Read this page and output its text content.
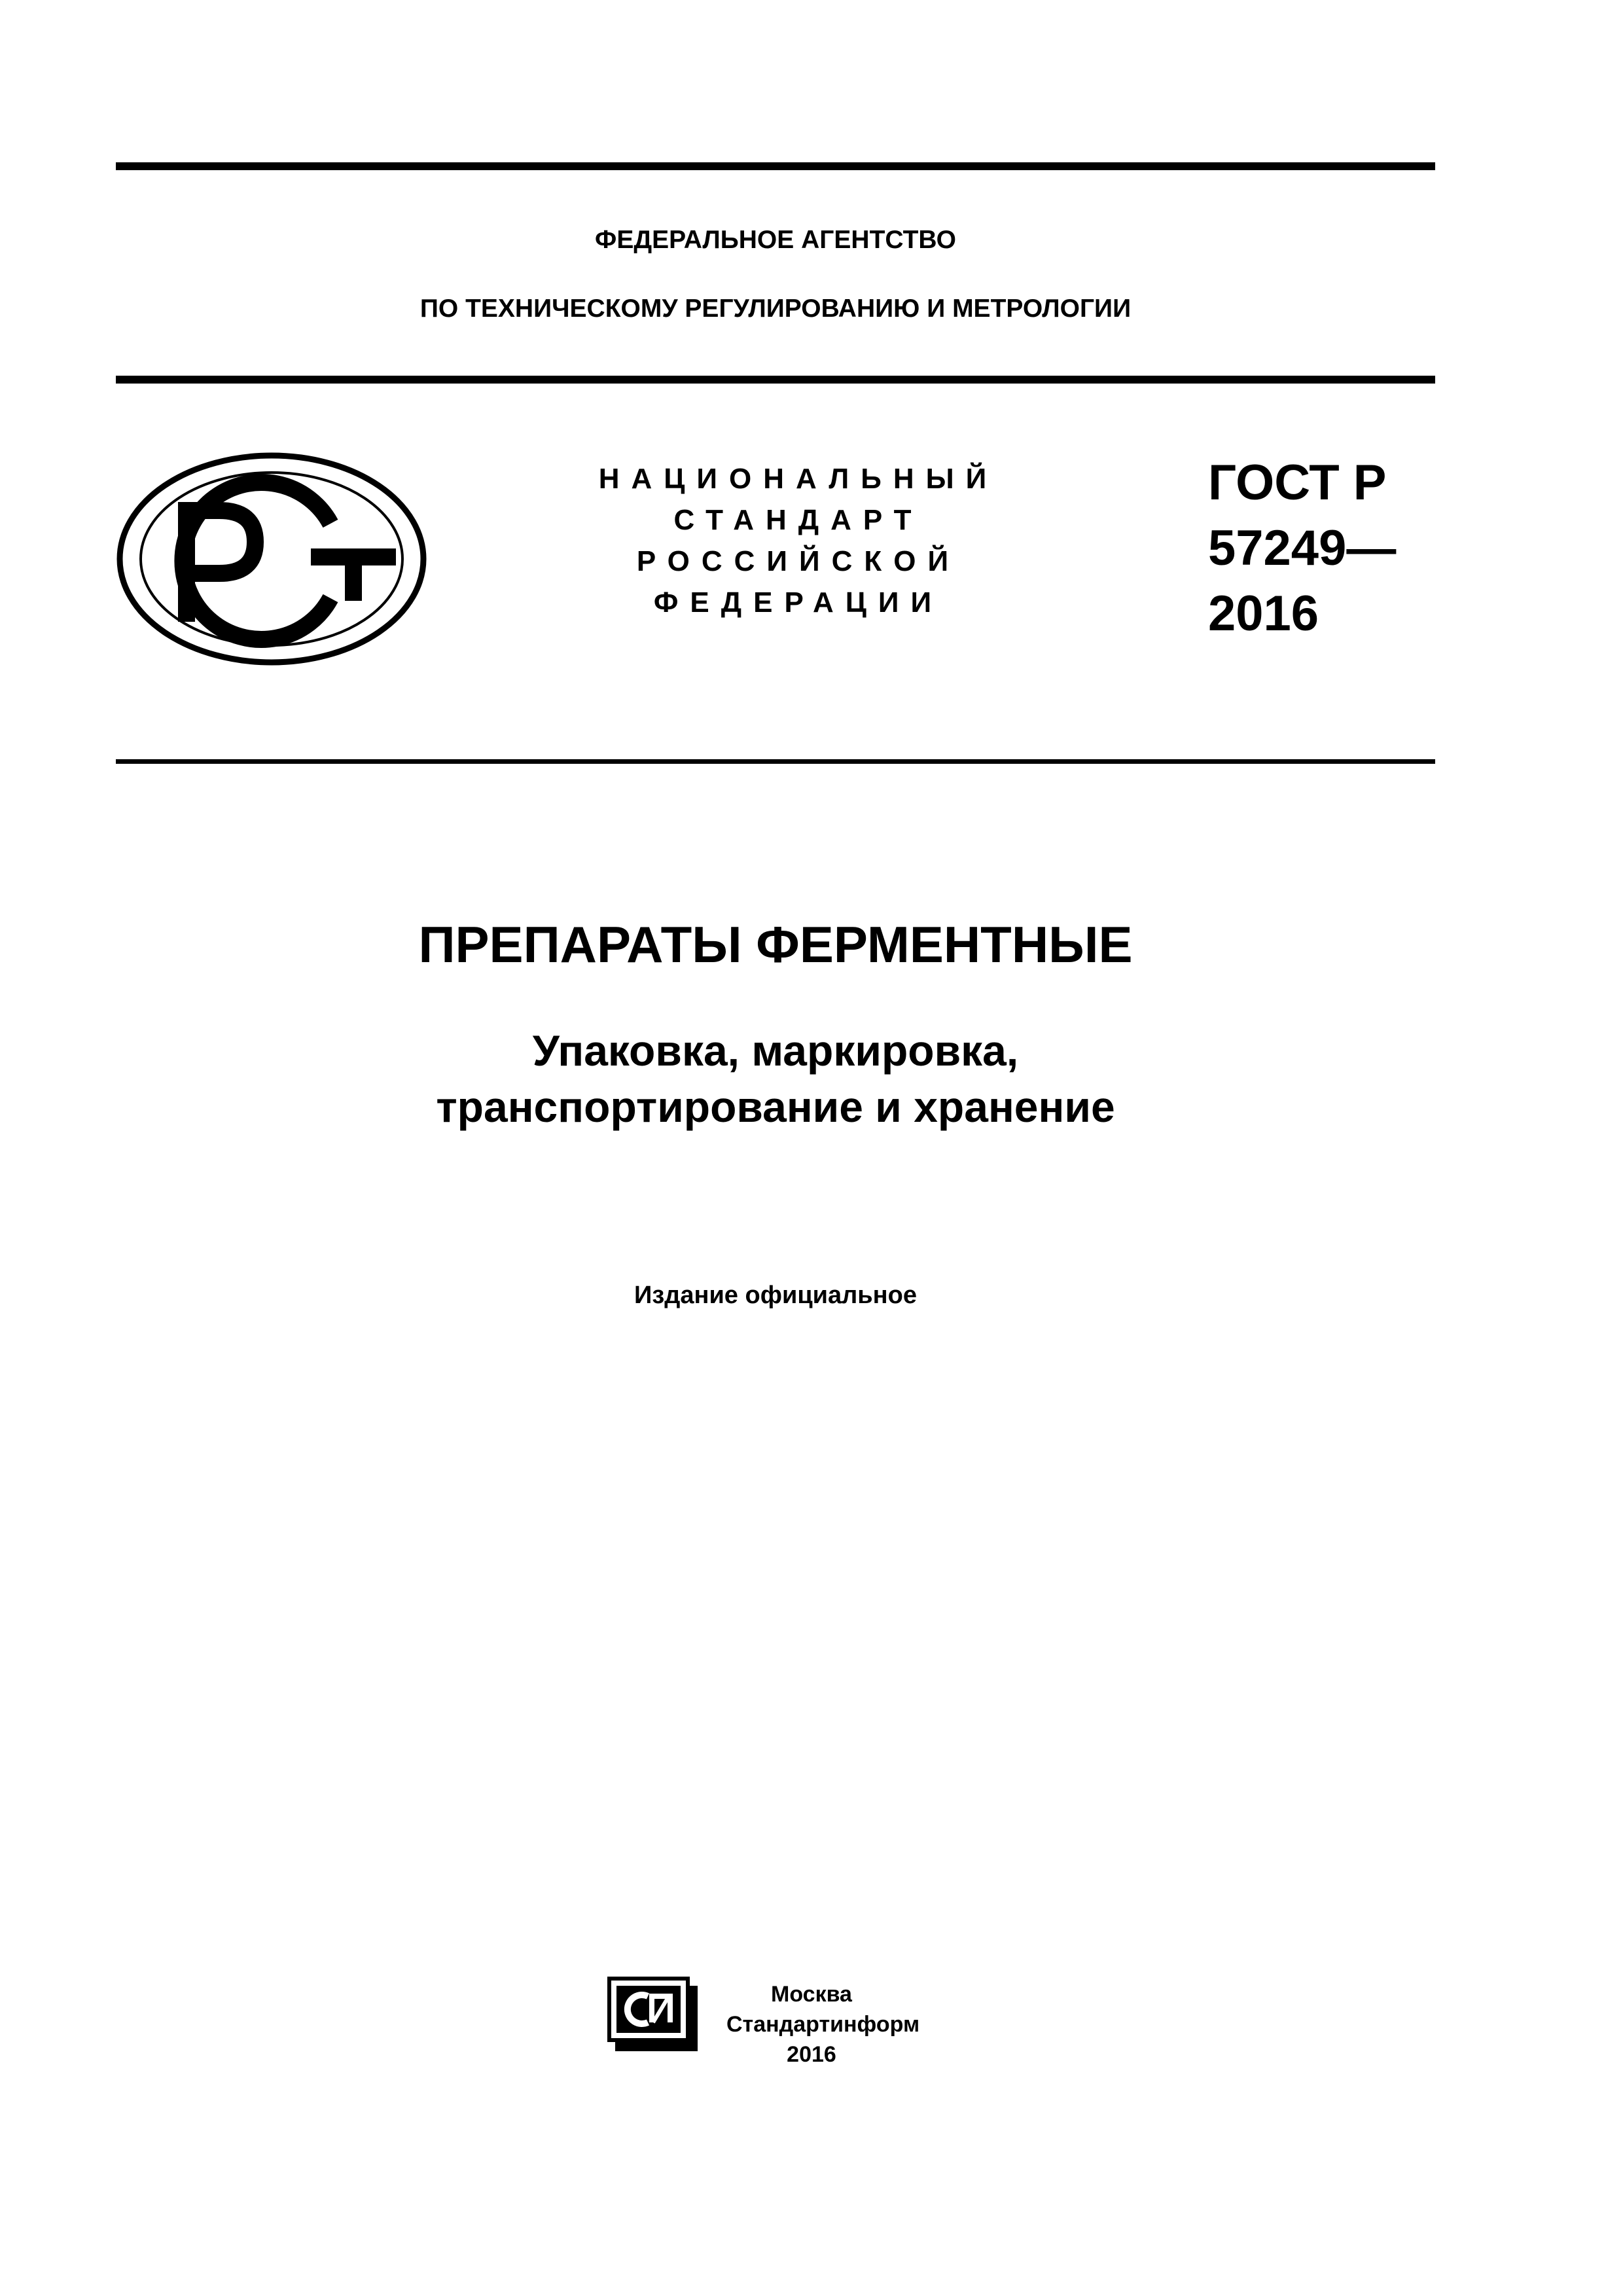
ФЕДЕРАЛЬНОЕ АГЕНТСТВО
ПО ТЕХНИЧЕСКОМУ РЕГУЛИРОВАНИЮ И МЕТРОЛОГИИ
НАЦИОНАЛЬНЫЙ
СТАНДАРТ
РОССИЙСКОЙ
ФЕДЕРАЦИИ
ГОСТ Р
57249—
2016
ПРЕПАРАТЫ ФЕРМЕНТНЫЕ
Упаковка, маркировка,
транспортирование и хранение
Издание официальное
Москва
Стандартинформ
2016
